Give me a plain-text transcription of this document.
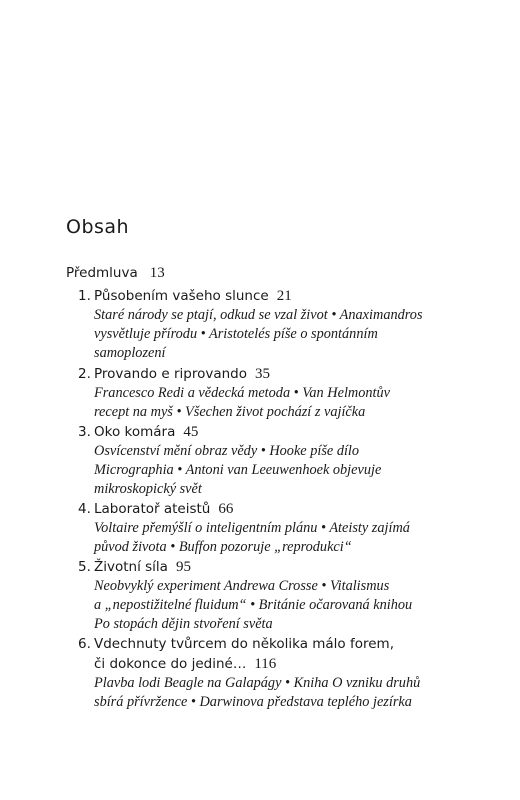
Obsah
Předmluva 13
1. Působením vašeho slunce 21
Staré národy se ptají, odkud se vzal život • Anaximandros
vysvětluje přírodu • Aristotelés píše o spontánním
samoplození
2. Provando e riprovando 35
Francesco Redi a vědecká metoda • Van Helmontův
recept na myš • Všechen život pochází z vajíčka
3. Oko komára 45
Osvícenství mění obraz vědy • Hooke píše dílo
Micrographia • Antoni van Leeuwenhoek objevuje
mikroskopický svět
4. Laboratoř ateistů 66
Voltaire přemýšlí o inteligentním plánu • Ateisty zajímá
původ života • Buffon pozoruje „reprodukci“
5. Životní síla 95
Neobvyklý experiment Andrewa Crosse • Vitalismus
a „nepostižitelné fluidum“ • Británie očarovaná knihou
Po stopách dějin stvoření světa
6. Vdechnuty tvůrcem do několika málo forem,
či dokonce do jediné… 116
Plavba lodi Beagle na Galapágy • Kniha O vzniku druhů
sbírá přívržence • Darwinova představa teplého jezírka
